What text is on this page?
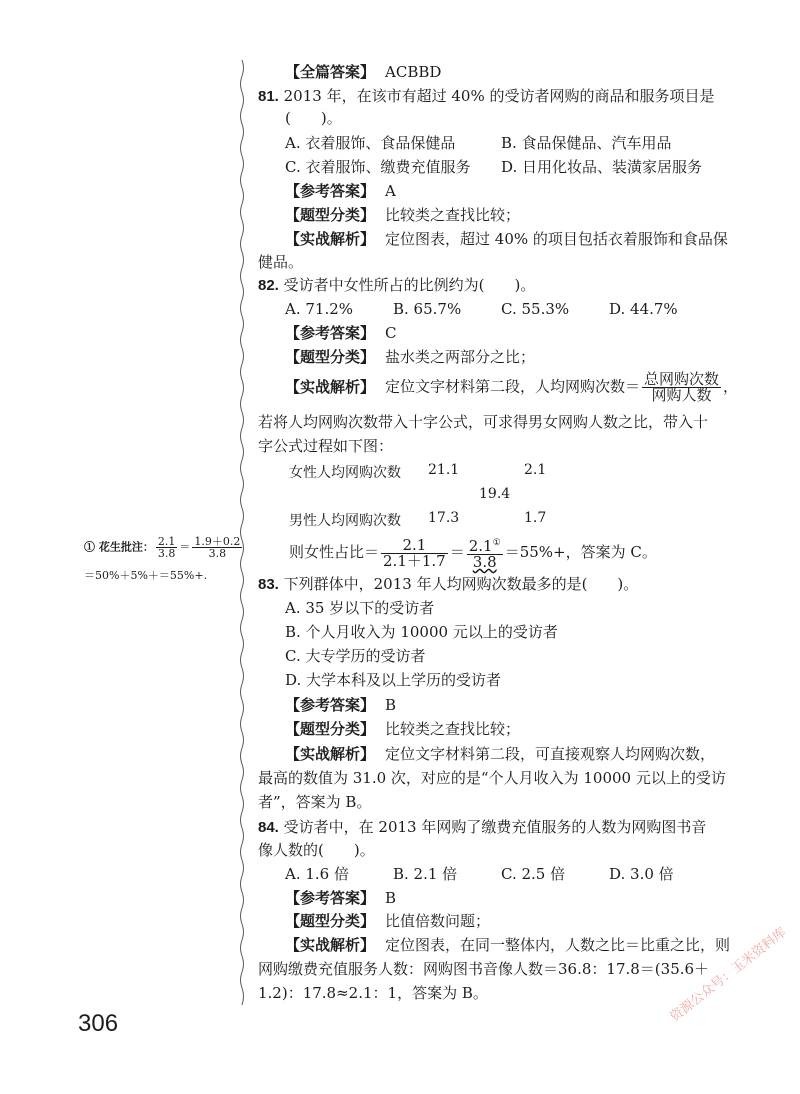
【全篇答案】 ACBBD
81. 2013 年，在该市有超过 40% 的受访者网购的商品和服务项目是
(　　)。
A. 衣着服饰、食品保健品	B. 食品保健品、汽车用品
C. 衣着服饰、缴费充值服务 D. 日用化妆品、装潢家居服务
【参考答案】 A
【题型分类】 比较类之查找比较；
【实战解析】 定位图表，超过 40% 的项目包括衣着服饰和食品保
健品。
82. 受访者中女性所占的比例约为(　　)。
A. 71.2%	B. 65.7%	C. 55.3%	D. 44.7%
【参考答案】 C
【题型分类】 盐水类之两部分之比；
【实战解析】 定位文字材料第二段，人均网购次数＝ $\frac{\text{总网购次数}}{\text{网购人数}}$ ，
若将人均网购次数带入十字公式，可求得男女网购人数之比，带入十
字公式过程如下图：
女性人均网购次数 21.1	2.1
19.4
男性人均网购次数 17.3	1.7
则女性占比＝ $\frac{2.1}{2.1+1.7} = \frac{2.1^①}{3.8} =55\%+$，答案为 C。
① 花生批注： $\frac{2.1}{3.8} = \frac{1.9+0.2}{3.8}$
＝50%＋5%＋＝55%+.
83. 下列群体中，2013 年人均网购次数最多的是(　　)。
A. 35 岁以下的受访者
B. 个人月收入为 10000 元以上的受访者
C. 大专学历的受访者
D. 大学本科及以上学历的受访者
【参考答案】 B
【题型分类】 比较类之查找比较；
【实战解析】 定位文字材料第二段，可直接观察人均网购次数，
最高的数值为 31.0 次，对应的是“个人月收入为 10000 元以上的受访
者”，答案为 B。
84. 受访者中，在 2013 年网购了缴费充值服务的人数为网购图书音
像人数的(　　)。
A. 1.6 倍	B. 2.1 倍	C. 2.5 倍	D. 3.0 倍
【参考答案】 B
【题型分类】 比值倍数问题；
【实战解析】 定位图表，在同一整体内，人数之比＝比重之比，则
网购缴费充值服务人数：网购图书音像人数＝36.8：17.8＝(35.6＋
1.2)：17.8≈2.1：1，答案为 B。
306	资源公众号：玉米资料库
